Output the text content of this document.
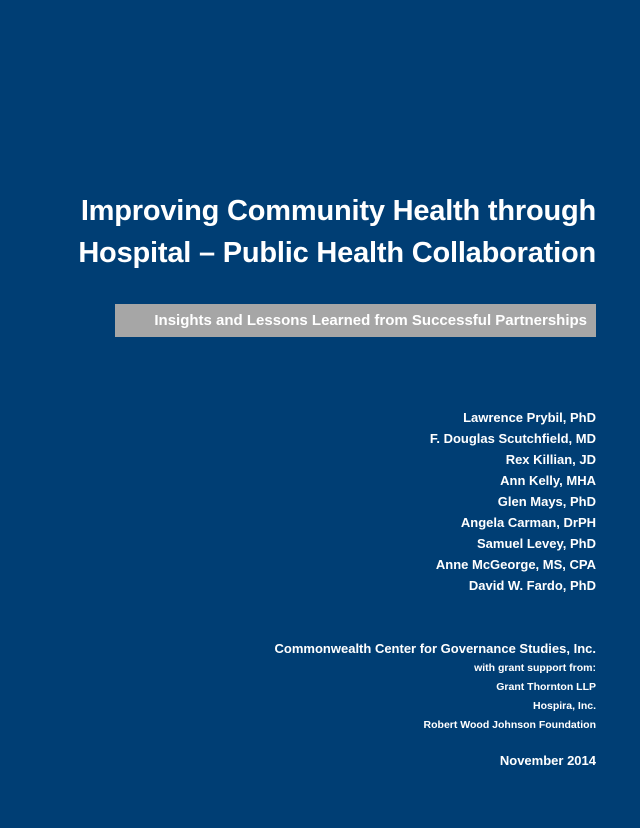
Improving Community Health through
Hospital – Public Health Collaboration
Insights and Lessons Learned from Successful Partnerships
Lawrence Prybil, PhD
F. Douglas Scutchfield, MD
Rex Killian, JD
Ann Kelly, MHA
Glen Mays, PhD
Angela Carman, DrPH
Samuel Levey, PhD
Anne McGeorge, MS, CPA
David W. Fardo, PhD
Commonwealth Center for Governance Studies, Inc.
with grant support from:
Grant Thornton LLP
Hospira, Inc.
Robert Wood Johnson Foundation
November 2014
